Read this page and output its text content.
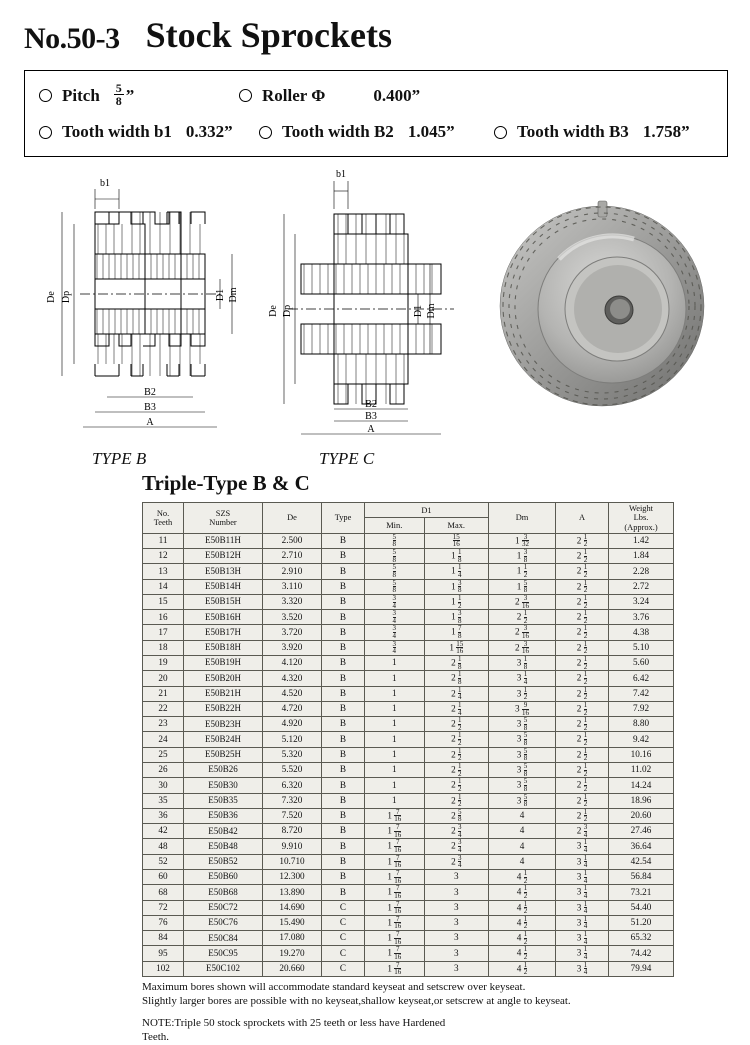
No.50-3 Stock Sprockets
Pitch $\frac{5}{8}$ ”	Roller Φ	0.400”
Tooth width b1 0.332”	Tooth width B2 1.045”	Tooth width B3 1.758”
b1
De Dp	D1 Dm
B2
B3
A
b1
De Dp	D1 Dm
B2
B3
A
TYPE B	TYPE C
Triple-Type B & C
No.
Teeth	SZS
Number	De	Type	D1		Dm	A	Weight
Lbs.
(Approx.)
				Min.	Max.			
11	E50B11H	2.500	B	$\frac{5}{8}$	$\frac{15}{16}$	$1 \frac{3}{32}$	$2 \frac{1}{2}$	1.42
12	E50B12H	2.710	B	$\frac{5}{8}$	$1 \frac{1}{8}$	$1 \frac{3}{8}$	$2 \frac{1}{2}$	1.84
13	E50B13H	2.910	B	$\frac{5}{8}$	$1 \frac{1}{4}$	$1 \frac{1}{2}$	$2 \frac{1}{2}$	2.28
14	E50B14H	3.110	B	$\frac{5}{8}$	$1 \frac{3}{8}$	$1 \frac{5}{8}$	$2 \frac{1}{2}$	2.72
15	E50B15H	3.320	B	$\frac{3}{4}$	$1 \frac{1}{2}$	$2 \frac{3}{16}$	$2 \frac{1}{2}$	3.24
16	E50B16H	3.520	B	$\frac{3}{4}$	$1 \frac{3}{8}$	$2 \frac{1}{2}$	$2 \frac{1}{2}$	3.76
17	E50B17H	3.720	B	$\frac{3}{4}$	$1 \frac{7}{8}$	$2 \frac{3}{16}$	$2 \frac{1}{2}$	4.38
18	E50B18H	3.920	B	$\frac{3}{4}$	$1 \frac{15}{16}$	$2 \frac{3}{16}$	$2 \frac{1}{2}$	5.10
19	E50B19H	4.120	B	1	$2 \frac{1}{8}$	$3 \frac{1}{8}$	$2 \frac{1}{2}$	5.60
20	E50B20H	4.320	B	1	$2 \frac{1}{8}$	$3 \frac{1}{4}$	$2 \frac{1}{2}$	6.42
21	E50B21H	4.520	B	1	$2 \frac{1}{4}$	$3 \frac{1}{2}$	$2 \frac{1}{2}$	7.42
22	E50B22H	4.720	B	1	$2 \frac{1}{4}$	$3 \frac{9}{16}$	$2 \frac{1}{2}$	7.92
23	E50B23H	4.920	B	1	$2 \frac{1}{2}$	$3 \frac{5}{8}$	$2 \frac{1}{2}$	8.80
24	E50B24H	5.120	B	1	$2 \frac{1}{2}$	$3 \frac{5}{8}$	$2 \frac{1}{2}$	9.42
25	E50B25H	5.320	B	1	$2 \frac{1}{2}$	$3 \frac{5}{8}$	$2 \frac{1}{2}$	10.16
26	E50B26	5.520	B	1	$2 \frac{1}{2}$	$3 \frac{5}{8}$	$2 \frac{1}{2}$	11.02
30	E50B30	6.320	B	1	$2 \frac{1}{2}$	$3 \frac{5}{8}$	$2 \frac{1}{2}$	14.24
35	E50B35	7.320	B	1	$2 \frac{1}{2}$	$3 \frac{5}{8}$	$2 \frac{1}{2}$	18.96
36	E50B36	7.520	B	$1 \frac{7}{16}$	$2 \frac{5}{8}$	4	$2 \frac{1}{2}$	20.60
42	E50B42	8.720	B	$1 \frac{7}{16}$	$2 \frac{3}{4}$	4	$2 \frac{3}{4}$	27.46
48	E50B48	9.910	B	$1 \frac{7}{16}$	$2 \frac{3}{4}$	4	$3 \frac{1}{4}$	36.64
52	E50B52	10.710	B	$1 \frac{7}{16}$	$2 \frac{3}{4}$	4	$3 \frac{1}{4}$	42.54
60	E50B60	12.300	B	$1 \frac{7}{16}$	3	$4 \frac{1}{2}$	$3 \frac{1}{4}$	56.84
68	E50B68	13.890	B	$1 \frac{7}{16}$	3	$4 \frac{1}{2}$	$3 \frac{1}{4}$	73.21
72	E50C72	14.690	C	$1 \frac{7}{16}$	3	$4 \frac{1}{2}$	$3 \frac{1}{4}$	54.40
76	E50C76	15.490	C	$1 \frac{7}{16}$	3	$4 \frac{1}{2}$	$3 \frac{1}{4}$	51.20
84	E50C84	17.080	C	$1 \frac{7}{16}$	3	$4 \frac{1}{2}$	$3 \frac{1}{4}$	65.32
95	E50C95	19.270	C	$1 \frac{7}{16}$	3	$4 \frac{1}{2}$	$3 \frac{1}{4}$	74.42
102	E50C102	20.660	C	$1 \frac{7}{16}$	3	$4 \frac{1}{2}$	$3 \frac{1}{4}$	79.94
Maximum bores shown will accommodate standard keyseat and setscrew over keyseat.
Slightly larger bores are possible with no keyseat,shallow keyseat,or setscrew at angle to keyseat.
NOTE:Triple 50 stock sprockets with 25 teeth or less have Hardened
Teeth.
